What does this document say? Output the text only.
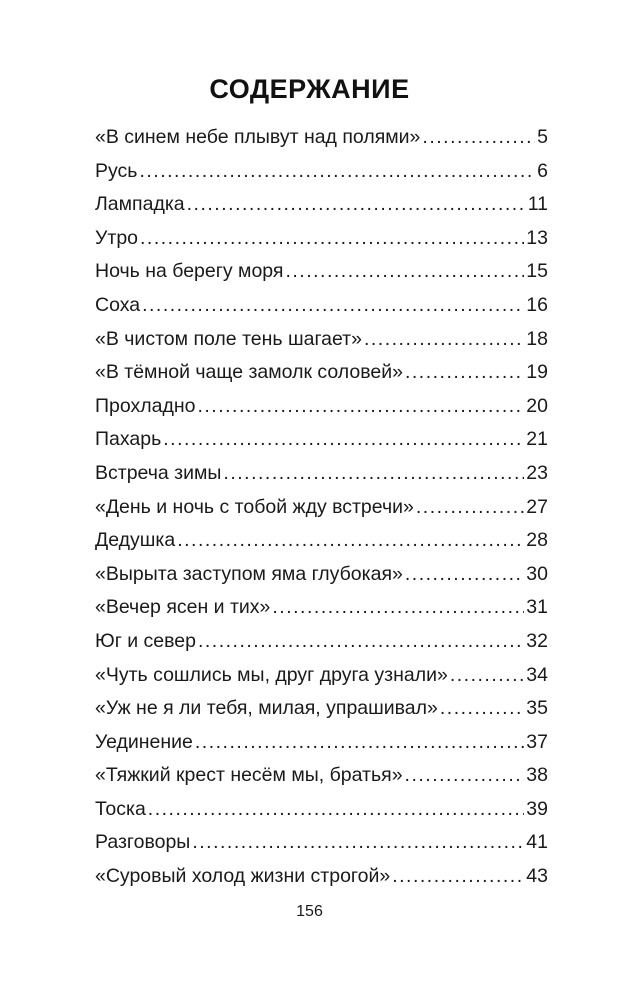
СОДЕРЖАНИЕ
«В синем небе плывут над полями» .....	5
Русь .....	6
Лампадка .....	11
Утро .....	13
Ночь на берегу моря .....	15
Соха .....	16
«В чистом поле тень шагает» .....	18
«В тёмной чаще замолк соловей» .....	19
Прохладно .....	20
Пахарь .....	21
Встреча зимы .....	23
«День и ночь с тобой жду встречи» .....	27
Дедушка .....	28
«Вырыта заступом яма глубокая» .....	30
«Вечер ясен и тих» .....	31
Юг и север .....	32
«Чуть сошлись мы, друг друга узнали» .....	34
«Уж не я ли тебя, милая, упрашивал» .....	35
Уединение .....	37
«Тяжкий крест несём мы, братья» .....	38
Тоска .....	39
Разговоры .....	41
«Суровый холод жизни строгой» .....	43
156
